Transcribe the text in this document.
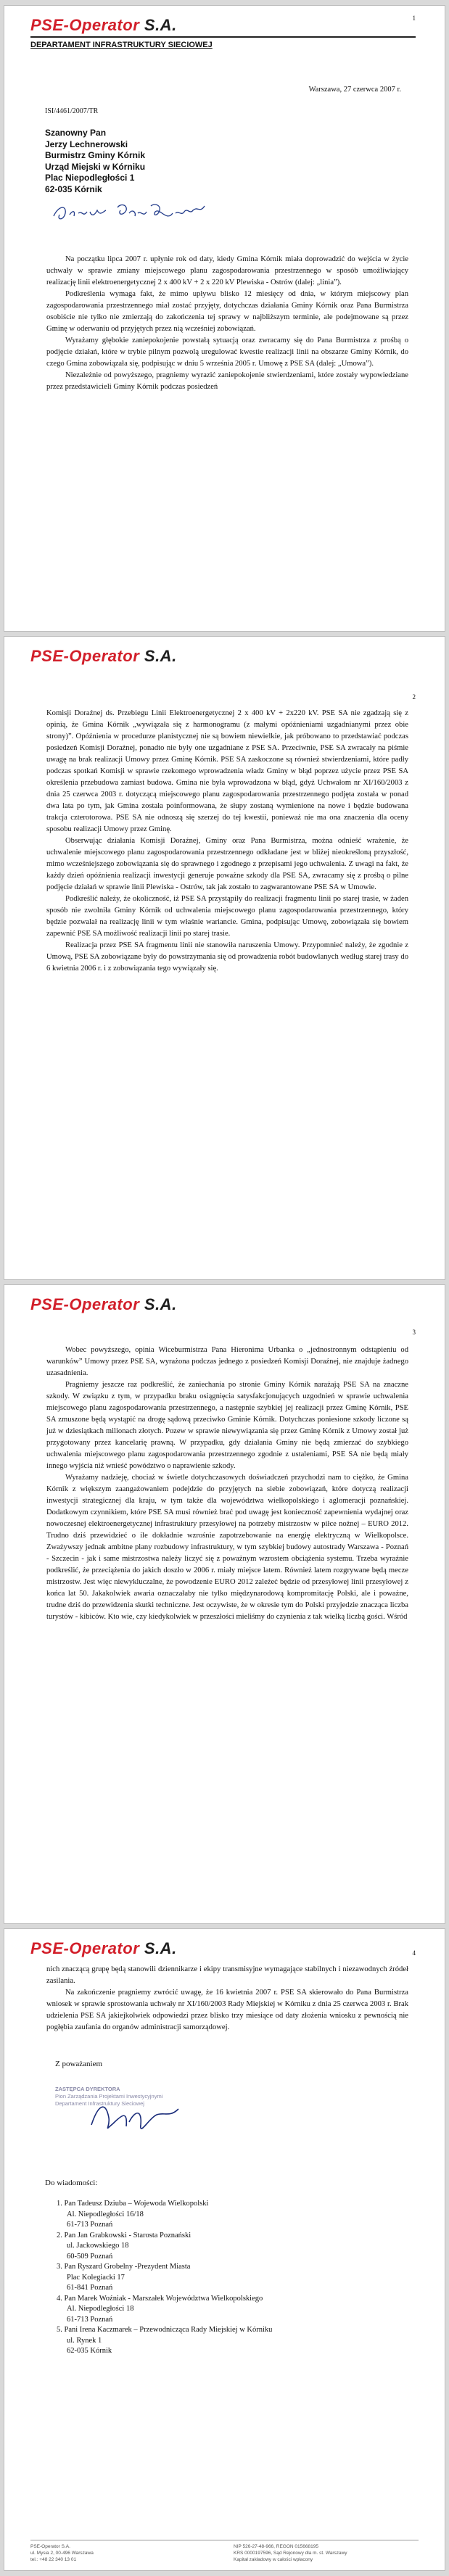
PSE-Operator S.A.	1
DEPARTAMENT INFRASTRUKTURY SIECIOWEJ
Warszawa, 27 czerwca 2007 r.
ISI/4461/2007/TR
Szanowny Pan
Jerzy Lechnerowski
Burmistrz Gminy Kórnik
Urząd Miejski w Kórniku
Plac Niepodległości 1
62-035 Kórnik

Na początku lipca 2007 r. upłynie rok od daty, kiedy Gmina Kórnik miała doprowadzić do wejścia w życie uchwały w sprawie zmiany miejscowego planu zagospodarowania przestrzennego w sposób umożliwiający realizację linii elektroenergetycznej 2 x 400 kV + 2 x 220 kV Plewiska - Ostrów (dalej: „linia”).

Podkreślenia wymaga fakt, że mimo upływu blisko 12 miesięcy od dnia, w którym miejscowy plan zagospodarowania przestrzennego miał zostać przyjęty, dotychczas działania Gminy Kórnik oraz Pana Burmistrza osobiście nie tylko nie zmierzają do zakończenia tej sprawy w najbliższym terminie, ale podejmowane są przez Gminę w oderwaniu od przyjętych przez nią wcześniej zobowiązań.

Wyrażamy głębokie zaniepokojenie powstałą sytuacją oraz zwracamy się do Pana Burmistrza z prośbą o podjęcie działań, które w trybie pilnym pozwolą uregulować kwestie realizacji linii na obszarze Gminy Kórnik, do czego Gmina zobowiązała się, podpisując w dniu 5 września 2005 r. Umowę z PSE SA (dalej: „Umowa”).

Niezależnie od powyższego, pragniemy wyrazić zaniepokojenie stwierdzeniami, które zostały wypowiedziane przez przedstawicieli Gminy Kórnik podczas posiedzeń

PSE-Operator S.A.
2

Komisji Doraźnej ds. Przebiegu Linii Elektroenergetycznej 2 x 400 kV + 2x220 kV. PSE SA nie zgadzają się z opinią, że Gmina Kórnik „wywiązała się z harmonogramu (z małymi opóźnieniami uzgadnianymi przez obie strony)”. Opóźnienia w procedurze planistycznej nie są bowiem niewielkie, jak próbowano to przedstawiać podczas posiedzeń Komisji Doraźnej, ponadto nie były one uzgadniane z PSE SA. Przeciwnie, PSE SA zwracały na piśmie uwagę na brak realizacji Umowy przez Gminę Kórnik. PSE SA zaskoczone są również stwierdzeniami, które padły podczas spotkań Komisji w sprawie rzekomego wprowadzenia władz Gminy w błąd poprzez użycie przez PSE SA określenia przebudowa zamiast budowa. Gmina nie była wprowadzona w błąd, gdyż Uchwałom nr XI/160/2003 z dnia 25 czerwca 2003 r. dotyczącą miejscowego planu zagospodarowania przestrzennego podjęta została w ponad dwa lata po tym, jak Gmina została poinformowana, że słupy zostaną wymienione na nowe i będzie budowana trakcja czterotorowa. PSE SA nie odnoszą się szerzej do tej kwestii, ponieważ nie ma ona znaczenia dla oceny sposobu realizacji Umowy przez Gminę.

Obserwując działania Komisji Doraźnej, Gminy oraz Pana Burmistrza, można odnieść wrażenie, że uchwalenie miejscowego planu zagospodarowania przestrzennego odkładane jest w bliżej nieokreśloną przyszłość, mimo wcześniejszego zobowiązania się do sprawnego i zgodnego z przepisami jego uchwalenia. Z uwagi na fakt, że każdy dzień opóźnienia realizacji inwestycji generuje poważne szkody dla PSE SA, zwracamy się z prośbą o pilne podjęcie działań w sprawie linii Plewiska - Ostrów, tak jak zostało to zagwarantowane PSE SA w Umowie.

Podkreślić należy, że okoliczność, iż PSE SA przystąpiły do realizacji fragmentu linii po starej trasie, w żaden sposób nie zwolniła Gminy Kórnik od uchwalenia miejscowego planu zagospodarowania przestrzennego, który będzie pozwalał na realizację linii w tym właśnie wariancie. Gmina, podpisując Umowę, zobowiązała się bowiem zapewnić PSE SA możliwość realizacji linii po starej trasie.

Realizacja przez PSE SA fragmentu linii nie stanowiła naruszenia Umowy. Przypomnieć należy, że zgodnie z Umową, PSE SA zobowiązane były do powstrzymania się od prowadzenia robót budowlanych według starej trasy do 6 kwietnia 2006 r. i z zobowiązania tego wywiązały się.

PSE-Operator S.A.
3

Wobec powyższego, opinia Wiceburmistrza Pana Hieronima Urbanka o „jednostronnym odstąpieniu od warunków” Umowy przez PSE SA, wyrażona podczas jednego z posiedzeń Komisji Doraźnej, nie znajduje żadnego uzasadnienia.

Pragniemy jeszcze raz podkreślić, że zaniechania po stronie Gminy Kórnik narażają PSE SA na znaczne szkody. W związku z tym, w przypadku braku osiągnięcia satysfakcjonujących uzgodnień w sprawie uchwalenia miejscowego planu zagospodarowania przestrzennego, a następnie szybkiej jej realizacji przez Gminę Kórnik, PSE SA zmuszone będą wystąpić na drogę sądową przeciwko Gminie Kórnik. Dotychczas poniesione szkody liczone są już w dziesiątkach milionach złotych. Pozew w sprawie niewywiązania się przez Gminę Kórnik z Umowy został już przygotowany przez kancelarię prawną. W przypadku, gdy działania Gminy nie będą zmierzać do szybkiego uchwalenia miejscowego planu zagospodarowania przestrzennego zgodnie z ustaleniami, PSE SA nie będą miały innego wyjścia niż wnieść powództwo o naprawienie szkody.

Wyrażamy nadzieję, chociaż w świetle dotychczasowych doświadczeń przychodzi nam to ciężko, że Gmina Kórnik z większym zaangażowaniem podejdzie do przyjętych na siebie zobowiązań, które dotyczą realizacji inwestycji strategicznej dla kraju, w tym także dla województwa wielkopolskiego i aglomeracji poznańskiej. Dodatkowym czynnikiem, które PSE SA musi również brać pod uwagę jest konieczność zapewnienia wydajnej oraz nowoczesnej elektroenergetycznej infrastruktury przesyłowej na potrzeby mistrzostw w piłce nożnej – EURO 2012. Trudno dziś przewidzieć o ile dokładnie wzrośnie zapotrzebowanie na energię elektryczną w Wielkopolsce. Zważywszy jednak ambitne plany rozbudowy infrastruktury, w tym szybkiej budowy autostrady Warszawa - Poznań - Szczecin - jak i same mistrzostwa należy liczyć się z poważnym wzrostem obciążenia systemu. Trzeba wyraźnie podkreślić, że przeciążenia do jakich doszło w 2006 r. miały miejsce latem. Również latem rozgrywane będą mecze mistrzostw. Jest więc niewykluczalne, że powodzenie EURO 2012 zależeć będzie od przesyłowej linii przesyłowej z końca lat 50. Jakakolwiek awaria oznaczałaby nie tylko międzynarodową kompromitację Polski, ale i poważne, trudne dziś do przewidzenia skutki techniczne. Jest oczywiste, że w okresie tym do Polski przyjedzie znacząca liczba turystów - kibiców. Kto wie, czy kiedykolwiek w przeszłości mieliśmy do czynienia z tak wielką liczbą gości. Wśród

PSE-Operator S.A.	4

nich znaczącą grupę będą stanowili dziennikarze i ekipy transmisyjne wymagające stabilnych i niezawodnych źródeł zasilania.

Na zakończenie pragniemy zwrócić uwagę, że 16 kwietnia 2007 r. PSE SA skierowało do Pana Burmistrza wniosek w sprawie sprostowania uchwały nr XI/160/2003 Rady Miejskiej w Kórniku z dnia 25 czerwca 2003 r. Brak udzielenia PSE SA jakiejkolwiek odpowiedzi przez blisko trzy miesiące od daty złożenia wniosku z pewnością nie pogłębia zaufania do organów administracji samorządowej.

Z poważaniem
ZASTĘPCA DYREKTORA
Pion Zarządzania Projektami Inwestycyjnymi
Departament Infrastruktury Sieciowej
Do wiadomości:
1. Pan Tadeusz Dziuba – Wojewoda Wielkopolski
Al. Niepodległości 16/18
61-713 Poznań
2. Pan Jan Grabkowski - Starosta Poznański
ul. Jackowskiego 18
60-509 Poznań
3. Pan Ryszard Grobelny -Prezydent Miasta
Plac Kolegiacki 17
61-841 Poznań
4. Pan Marek Woźniak - Marszałek Województwa Wielkopolskiego
Al. Niepodległości 18
61-713 Poznań
5. Pani Irena Kaczmarek – Przewodnicząca Rady Miejskiej w Kórniku
ul. Rynek 1
62-035 Kórnik
PSE-Operator S.A.
ul. Mysia 2, 00-496 Warszawa
tel.: +48 22 340 13 01
NIP 526-27-48-966, REGON 015668195
KRS 0000197596, Sąd Rejonowy dla m. st. Warszawy
Kapitał zakładowy w całości wpłacony
